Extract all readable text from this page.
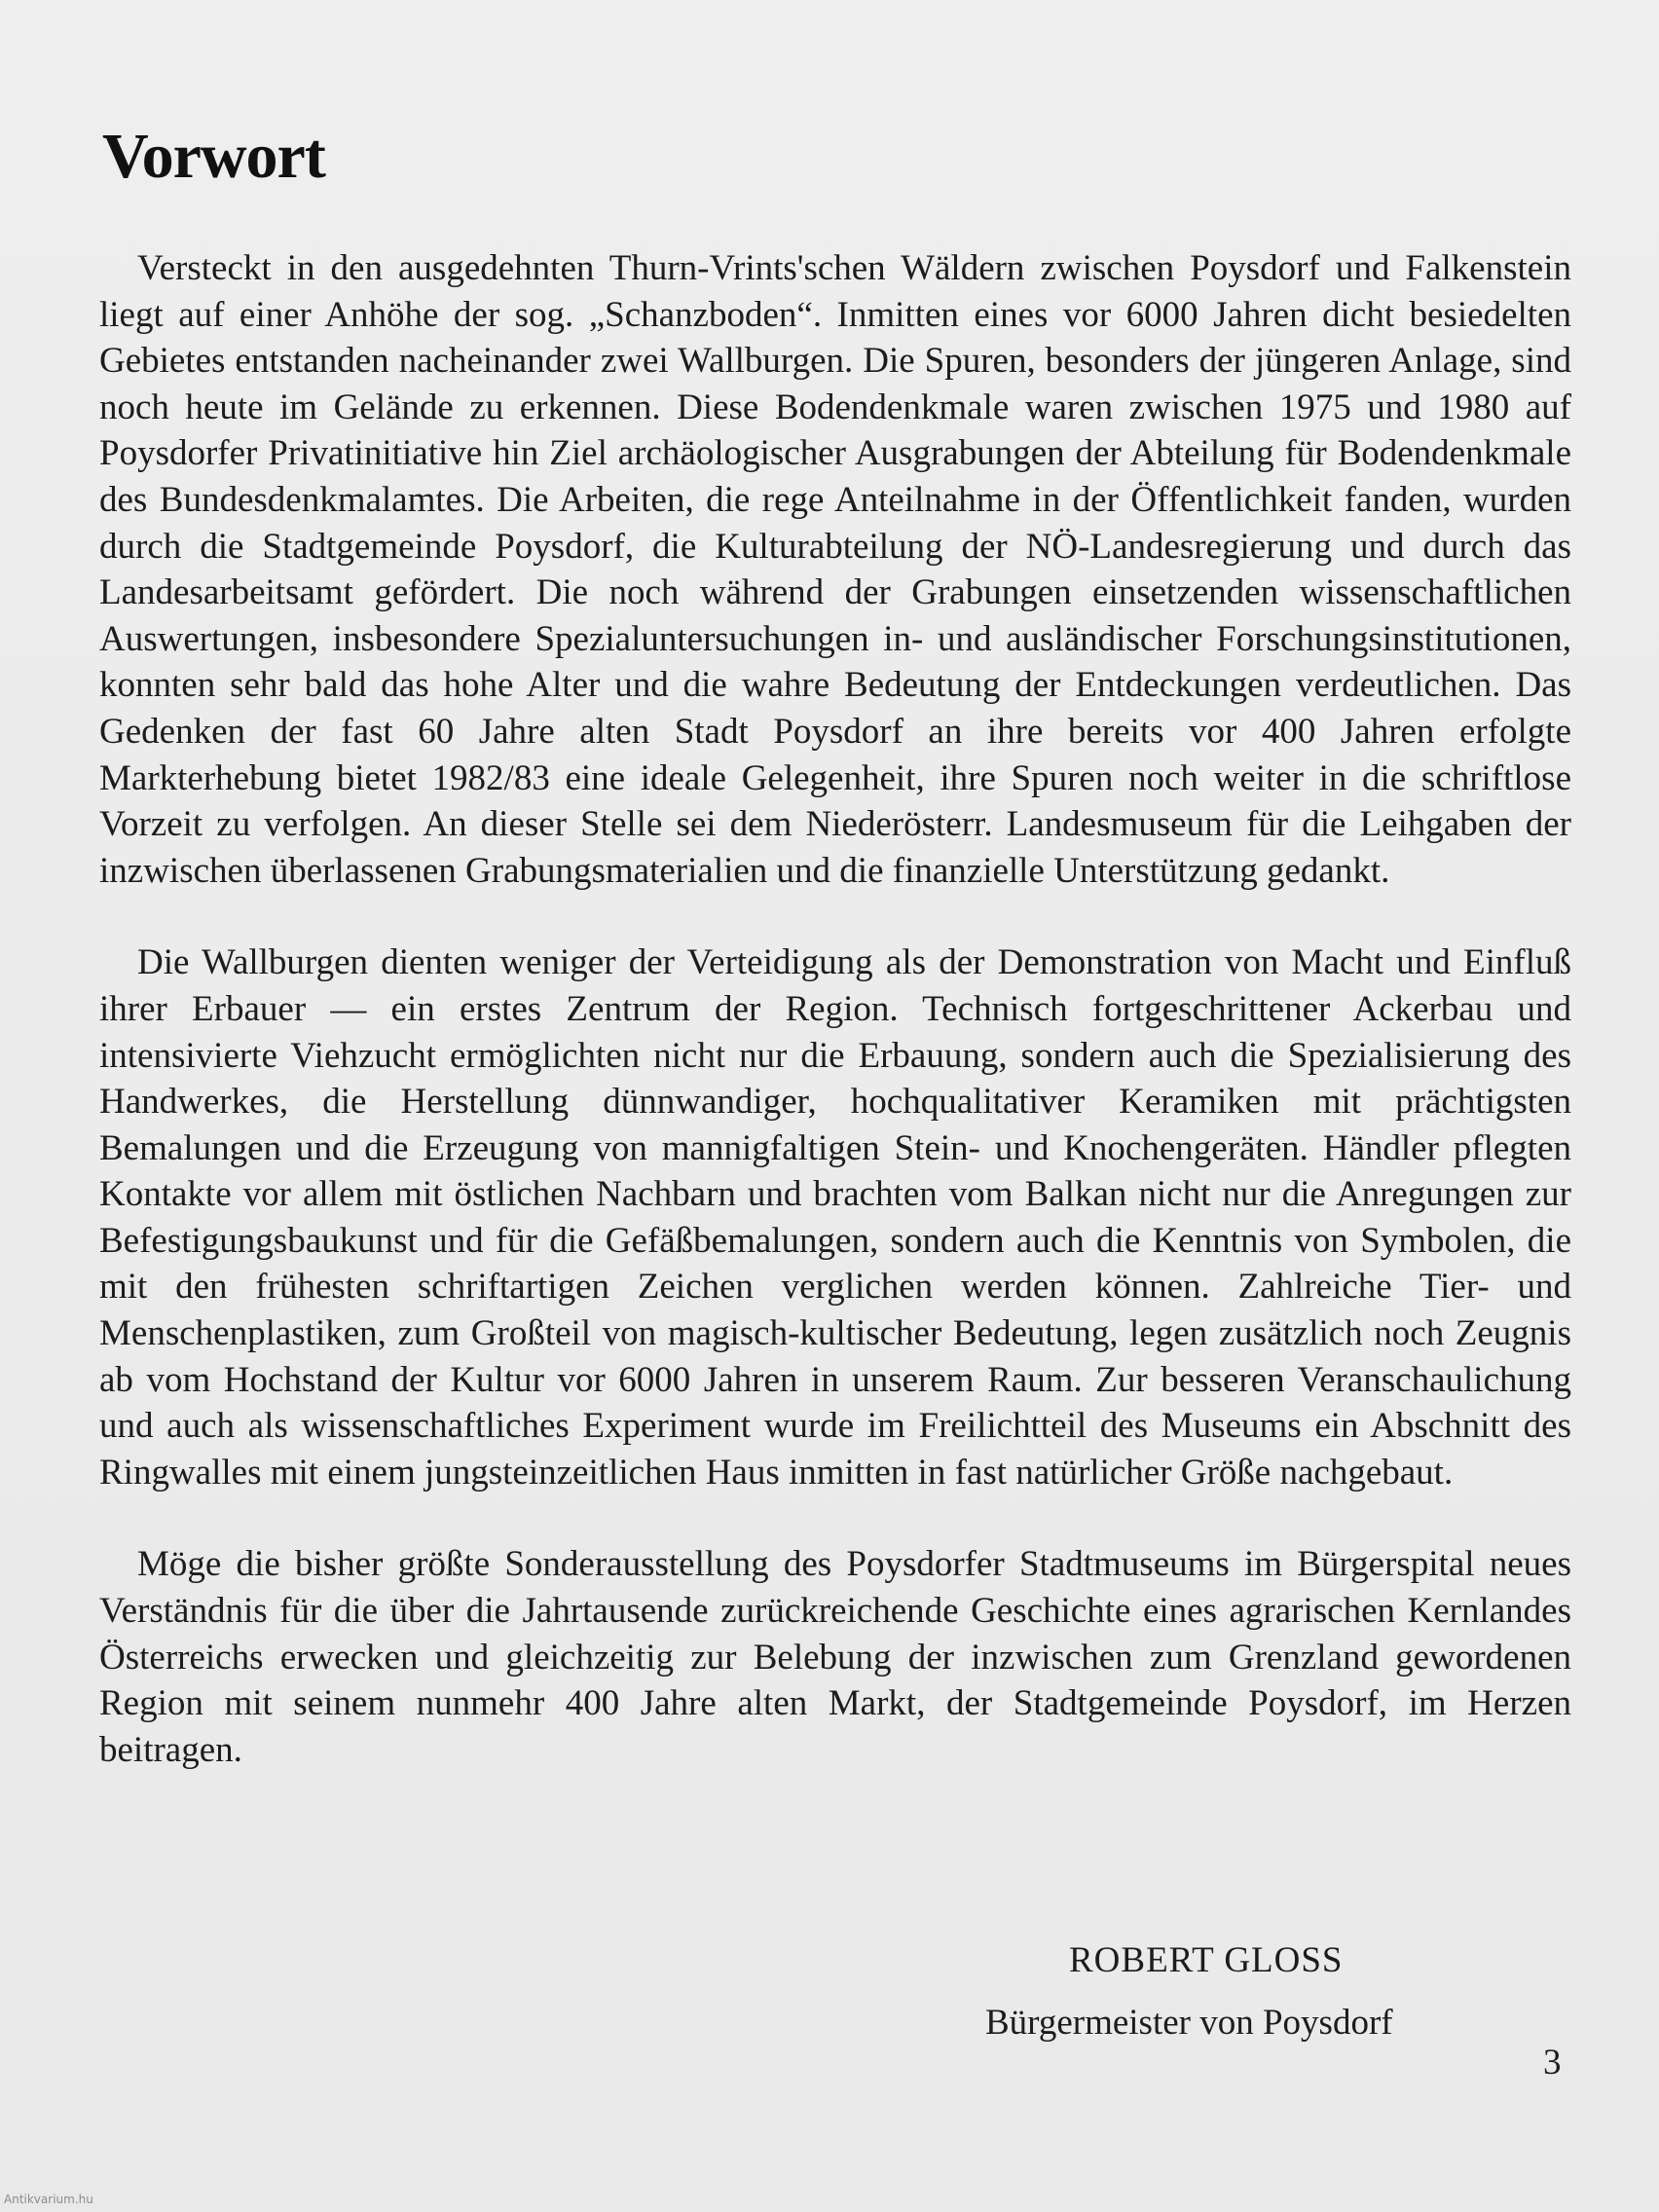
Vorwort

Versteckt in den ausgedehnten Thurn-Vrints'schen Wäldern zwischen Poysdorf und Falkenstein liegt auf einer Anhöhe der sog. „Schanzboden“. Inmitten eines vor 6000 Jahren dicht besiedelten Gebietes entstanden nacheinander zwei Wallburgen. Die Spuren, besonders der jüngeren Anlage, sind noch heute im Gelände zu erkennen. Diese Bodendenkmale waren zwischen 1975 und 1980 auf Poysdorfer Privatinitiative hin Ziel archäologischer Ausgrabungen der Abteilung für Bodendenkmale des Bundesdenkmalamtes. Die Arbeiten, die rege Anteilnahme in der Öffentlichkeit fanden, wurden durch die Stadtgemeinde Poysdorf, die Kulturabteilung der NÖ-Landesregierung und durch das Landesarbeitsamt gefördert. Die noch während der Grabungen einsetzenden wissenschaftlichen Auswertungen, insbesondere Spezialuntersuchungen in- und ausländischer Forschungsinstitutionen, konnten sehr bald das hohe Alter und die wahre Bedeutung der Entdeckungen verdeutlichen. Das Gedenken der fast 60 Jahre alten Stadt Poysdorf an ihre bereits vor 400 Jahren erfolgte Markterhebung bietet 1982/83 eine ideale Gelegenheit, ihre Spuren noch weiter in die schriftlose Vorzeit zu verfolgen. An dieser Stelle sei dem Niederösterr. Landesmuseum für die Leihgaben der inzwischen überlassenen Grabungsmaterialien und die finanzielle Unterstützung gedankt.

Die Wallburgen dienten weniger der Verteidigung als der Demonstration von Macht und Einfluß ihrer Erbauer — ein erstes Zentrum der Region. Technisch fortgeschrittener Ackerbau und intensivierte Viehzucht ermöglichten nicht nur die Erbauung, sondern auch die Spezialisierung des Handwerkes, die Herstellung dünnwandiger, hochqualitativer Keramiken mit prächtigsten Bemalungen und die Erzeugung von mannigfaltigen Stein- und Knochengeräten. Händler pflegten Kontakte vor allem mit östlichen Nachbarn und brachten vom Balkan nicht nur die Anregungen zur Befestigungsbaukunst und für die Gefäßbemalungen, sondern auch die Kenntnis von Symbolen, die mit den frühesten schriftartigen Zeichen verglichen werden können. Zahlreiche Tier- und Menschenplastiken, zum Großteil von magisch-kultischer Bedeutung, legen zusätzlich noch Zeugnis ab vom Hochstand der Kultur vor 6000 Jahren in unserem Raum. Zur besseren Veranschaulichung und auch als wissenschaftliches Experiment wurde im Freilichtteil des Museums ein Abschnitt des Ringwalles mit einem jungsteinzeitlichen Haus inmitten in fast natürlicher Größe nachgebaut.

Möge die bisher größte Sonderausstellung des Poysdorfer Stadtmuseums im Bürgerspital neues Verständnis für die über die Jahrtausende zurückreichende Geschichte eines agrarischen Kernlandes Österreichs erwecken und gleichzeitig zur Belebung der inzwischen zum Grenzland gewordenen Region mit seinem nunmehr 400 Jahre alten Markt, der Stadtgemeinde Poysdorf, im Herzen beitragen.

ROBERT GLOSS
Bürgermeister von Poysdorf
3
Antikvarium.hu
